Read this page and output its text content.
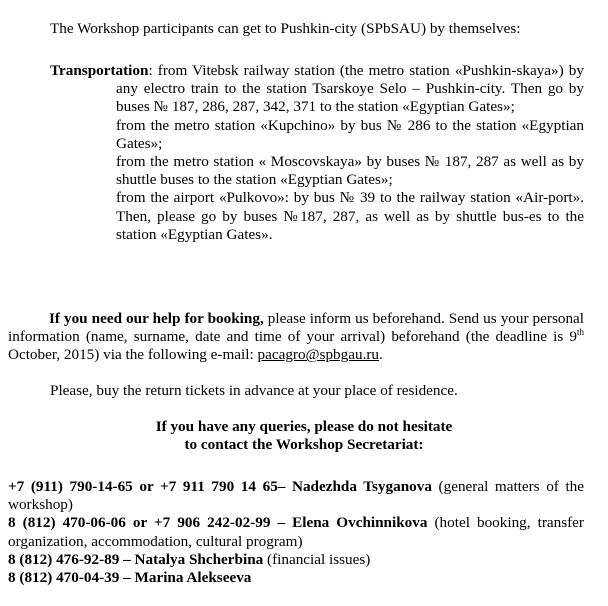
The Workshop participants can get to Pushkin-city (SPbSAU) by themselves:

Transportation: from Vitebsk railway station (the metro station «Pushkin-skaya») by any electro train to the station Tsarskoye Selo – Pushkin-city. Then go by buses № 187, 286, 287, 342, 371 to the station «Egyptian Gates»;

from the metro station «Kupchino» by bus № 286 to the station «Egyptian Gates»;

from the metro station « Moscovskaya» by buses № 187, 287 as well as by shuttle buses to the station «Egyptian Gates»;

from the airport «Pulkovo»: by bus № 39 to the railway station «Air-port». Then, please go by buses №187, 287, as well as by shuttle bus-es to the station «Egyptian Gates».

If you need our help for booking, please inform us beforehand. Send us your personal information (name, surname, date and time of your arrival) beforehand (the deadline is 9th October, 2015) via the following e-mail: pacagro@spbgau.ru.

Please, buy the return tickets in advance at your place of residence.

If you have any queries, please do not hesitate

to contact the Workshop Secretariat:

+7 (911) 790-14-65 or +7 911 790 14 65– Nadezhda Tsyganova (general matters of the workshop)

8 (812) 470-06-06 or +7 906 242-02-99 – Elena Ovchinnikova (hotel booking, transfer organization, accommodation, cultural program)

8 (812) 476-92-89 – Natalya Shcherbina (financial issues)

8 (812) 470-04-39 – Marina Alekseeva
